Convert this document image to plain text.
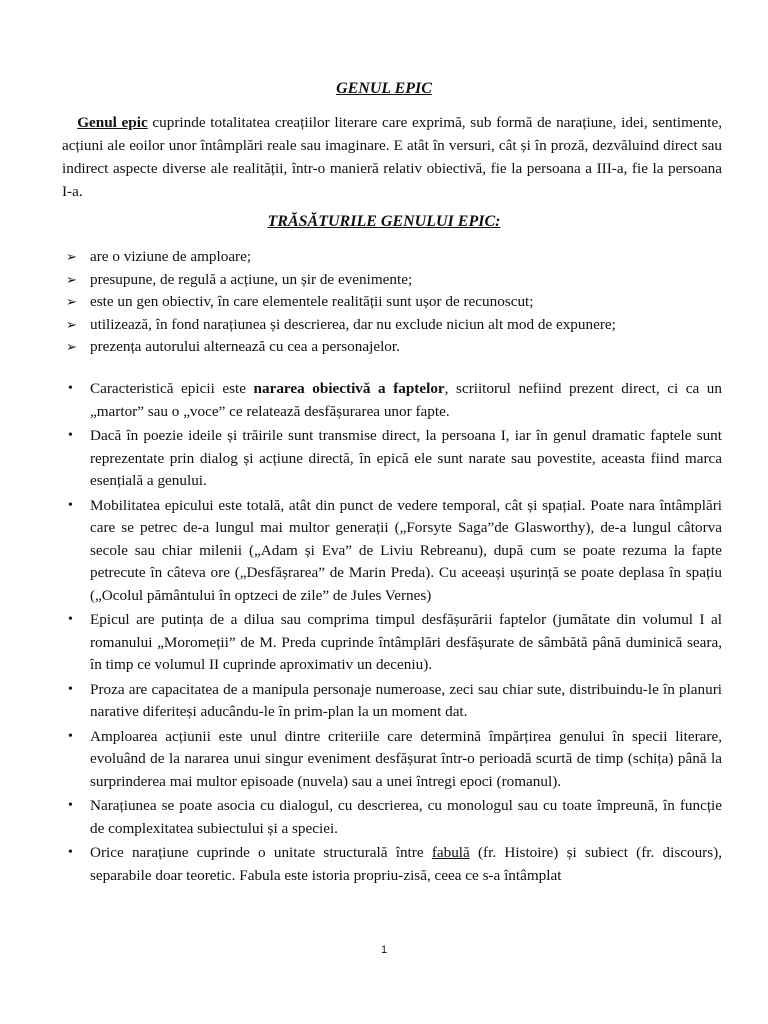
GENUL EPIC

 Genul epic cuprinde totalitatea creațiilor literare care exprimă, sub formă de narațiune, idei, sentimente, acțiuni ale eoilor unor întâmplări reale sau imaginare. E atât în versuri, cât și în proză, dezvăluind direct sau indirect aspecte diverse ale realității, într-o manieră relativ obiectivă, fie la persoana a III-a, fie la persoana I-a.

TRĂSĂTURILE GENULUI EPIC:
➢ are o viziune de amploare;
➢ presupune, de regulă a acțiune, un șir de evenimente;
➢ este un gen obiectiv, în care elementele realității sunt ușor de recunoscut;
➢ utilizează, în fond narațiunea și descrierea, dar nu exclude niciun alt mod de expunere;
➢ prezența autorului alternează cu cea a personajelor.
• Caracteristică epicii este nararea obiectivă a faptelor, scriitorul nefiind prezent direct, ci ca un „martor” sau o „voce” ce relatează desfășurarea unor fapte.
• Dacă în poezie ideile și trăirile sunt transmise direct, la persoana I, iar în genul dramatic faptele sunt reprezentate prin dialog și acțiune directă, în epică ele sunt narate sau povestite, aceasta fiind marca esențială a genului.
• Mobilitatea epicului este totală, atât din punct de vedere temporal, cât și spațial. Poate nara întâmplări care se petrec de-a lungul mai multor generații („Forsyte Saga”de Glasworthy), de-a lungul câtorva secole sau chiar milenii („Adam și Eva” de Liviu Rebreanu), după cum se poate rezuma la fapte petrecute în câteva ore („Desfășrarea” de Marin Preda). Cu aceeași ușurință se poate deplasa în spațiu („Ocolul pământului în optzeci de zile” de Jules Vernes)
• Epicul are putința de a dilua sau comprima timpul desfășurării faptelor (jumătate din volumul I al romanului „Moromeții” de M. Preda cuprinde întâmplări desfășurate de sâmbătă până duminică seara, în timp ce volumul II cuprinde aproximativ un deceniu).
• Proza are capacitatea de a manipula personaje numeroase, zeci sau chiar sute, distribuindu-le în planuri narative diferiteși aducându-le în prim-plan la un moment dat.
• Amploarea acțiunii este unul dintre criteriile care determină împărțirea genului în specii literare, evoluând de la nararea unui singur eveniment desfășurat într-o perioadă scurtă de timp (schița) până la surprinderea mai multor episoade (nuvela) sau a unei întregi epoci (romanul).
• Narațiunea se poate asocia cu dialogul, cu descrierea, cu monologul sau cu toate împreună, în funcție de complexitatea subiectului și a speciei.
• Orice narațiune cuprinde o unitate structurală între fabulă (fr. Histoire) și subiect (fr. discours), separabile doar teoretic. Fabula este istoria propriu-zisă, ceea ce s-a întâmplat
1
